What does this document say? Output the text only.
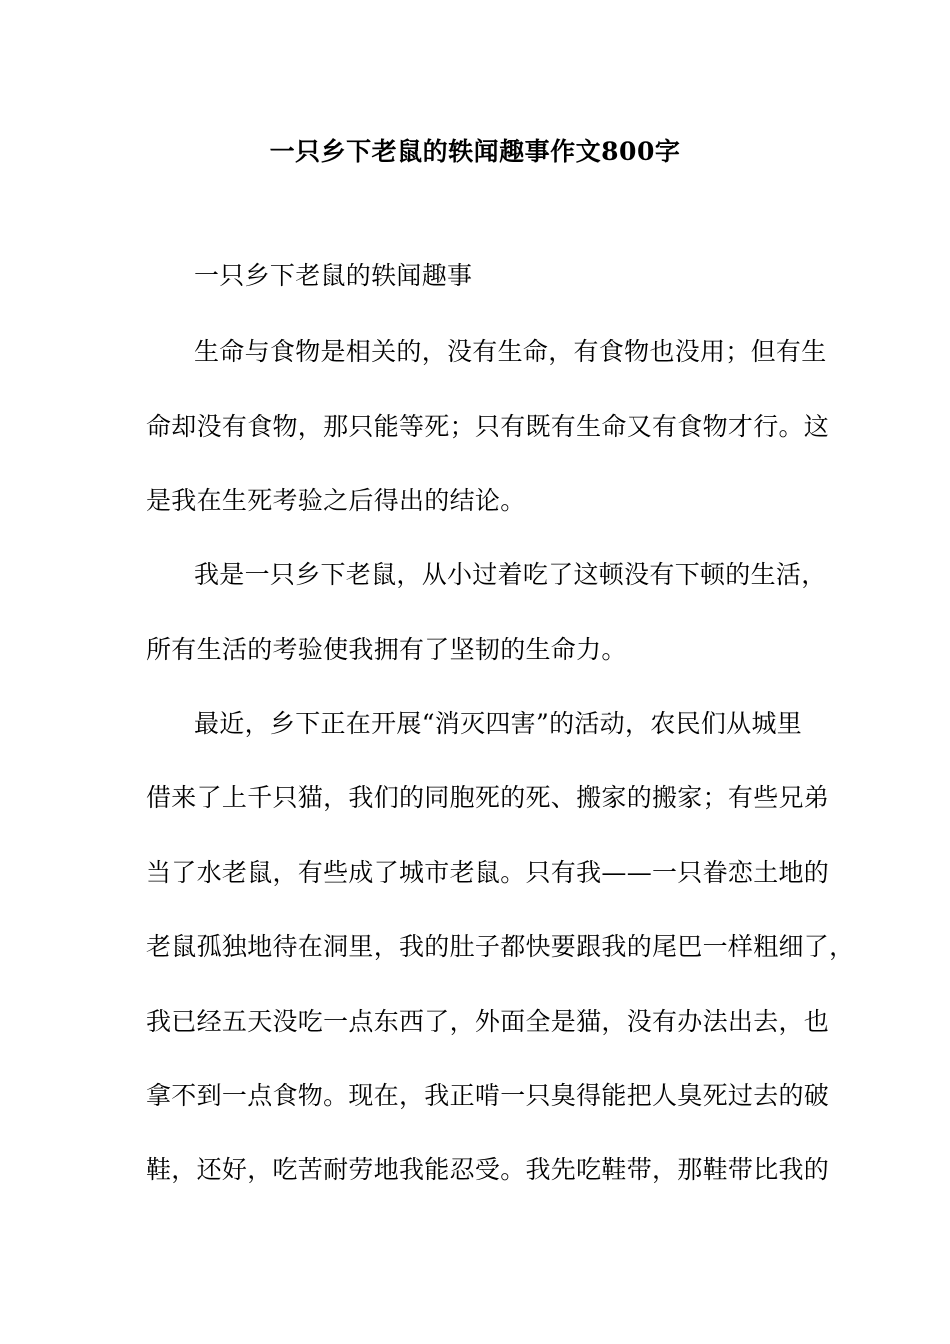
一只乡下老鼠的轶闻趣事作文800字

一只乡下老鼠的轶闻趣事

生命与食物是相关的，没有生命，有食物也没用；但有生

命却没有食物，那只能等死；只有既有生命又有食物才行。这

是我在生死考验之后得出的结论。

我是一只乡下老鼠，从小过着吃了这顿没有下顿的生活，

所有生活的考验使我拥有了坚韧的生命力。

最近，乡下正在开展“消灭四害”的活动，农民们从城里

借来了上千只猫，我们的同胞死的死、搬家的搬家；有些兄弟

当了水老鼠，有些成了城市老鼠。只有我——一只眷恋土地的

老鼠孤独地待在洞里，我的肚子都快要跟我的尾巴一样粗细了，

我已经五天没吃一点东西了，外面全是猫，没有办法出去，也

拿不到一点食物。现在，我正啃一只臭得能把人臭死过去的破

鞋，还好，吃苦耐劳地我能忍受。我先吃鞋带，那鞋带比我的
